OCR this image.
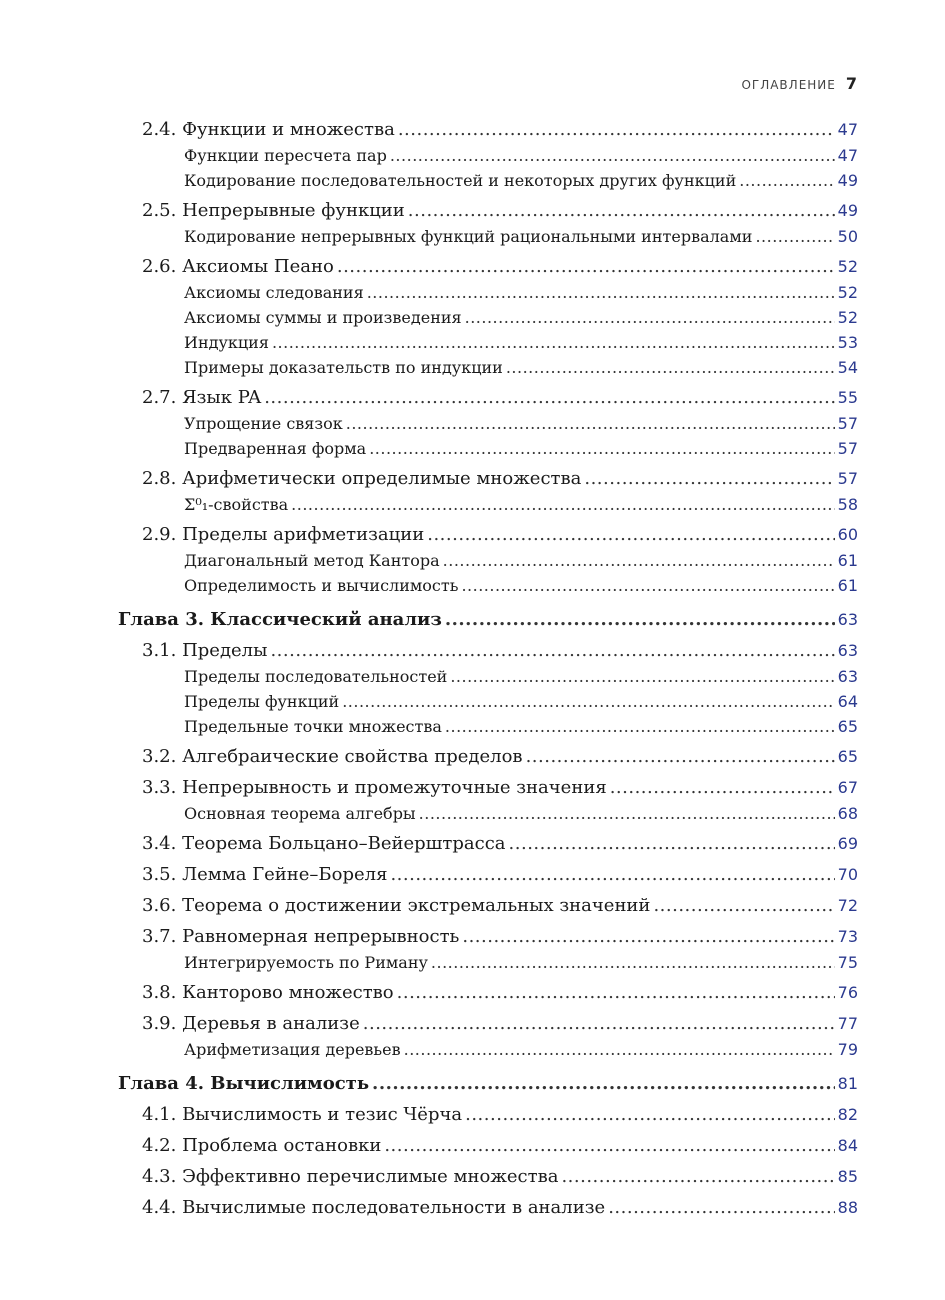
ОГЛАВЛЕНИЕ 7
2.4. Функции и множества .....	47
Функции пересчета пар .....	47
Кодирование последовательностей и некоторых других функций .....	49
2.5. Непрерывные функции .....	49
Кодирование непрерывных функций рациональными интервалами .....	50
2.6. Аксиомы Пеано .....	52
Аксиомы следования .....	52
Аксиомы суммы и произведения .....	52
Индукция .....	53
Примеры доказательств по индукции .....	54
2.7. Язык PA .....	55
Упрощение связок .....	57
Предваренная форма .....	57
2.8. Арифметически определимые множества .....	57
Σ⁰₁-свойства .....	58
2.9. Пределы арифметизации .....	60
Диагональный метод Кантора .....	61
Определимость и вычислимость .....	61
Глава 3. Классический анализ .....	63
3.1. Пределы .....	63
Пределы последовательностей .....	63
Пределы функций .....	64
Предельные точки множества .....	65
3.2. Алгебраические свойства пределов .....	65
3.3. Непрерывность и промежуточные значения .....	67
Основная теорема алгебры .....	68
3.4. Теорема Больцано–Вейерштрасса .....	69
3.5. Лемма Гейне–Бореля .....	70
3.6. Теорема о достижении экстремальных значений .....	72
3.7. Равномерная непрерывность .....	73
Интегрируемость по Риману .....	75
3.8. Канторово множество .....	76
3.9. Деревья в анализе .....	77
Арифметизация деревьев .....	79
Глава 4. Вычислимость .....	81
4.1. Вычислимость и тезис Чёрча .....	82
4.2. Проблема остановки .....	84
4.3. Эффективно перечислимые множества .....	85
4.4. Вычислимые последовательности в анализе .....	88
